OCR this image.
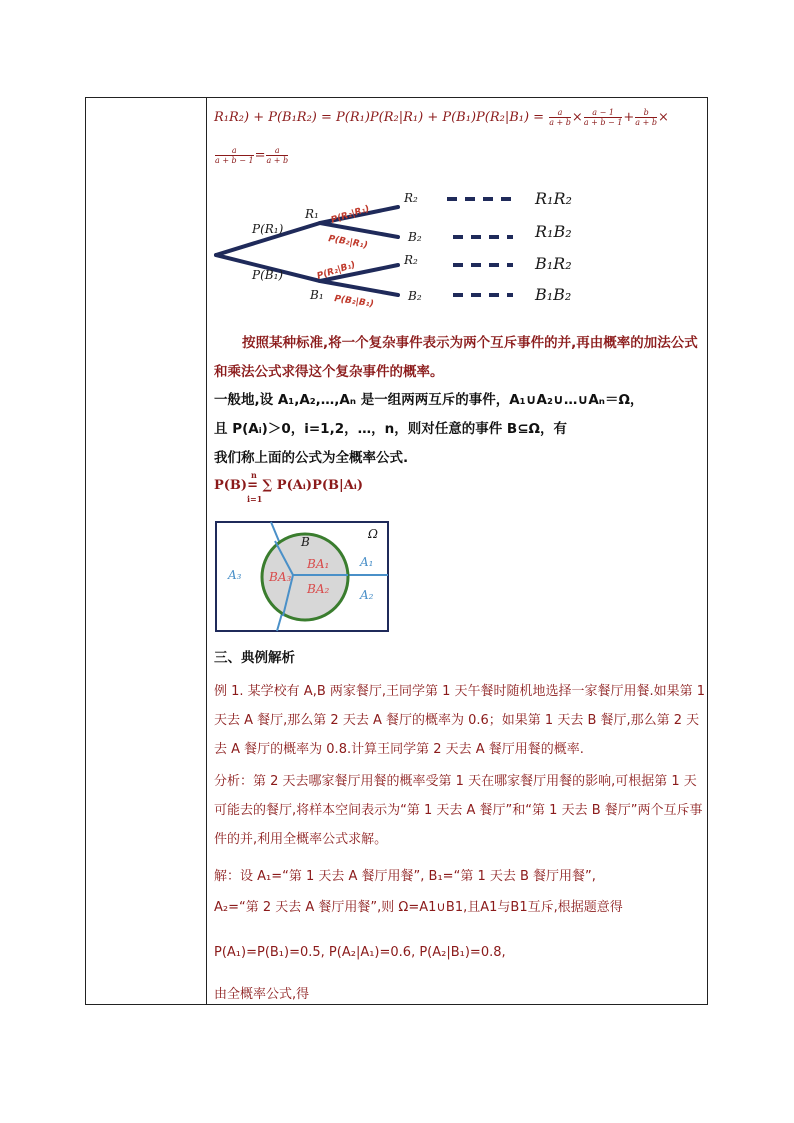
$R_1R_2) + P(B_1R_2) = P(R_1)P(R_2|R_1) + P(B_1)P(R_2|B_1) = \frac{a}{a + b} \times \frac{a - 1}{a + b - 1} + \frac{b}{a + b}$ ×
$\frac{a}{a + b - 1} = \frac{a}{a + b}$
P(R₁)
P(B₁)
R₁
B₁
R₂
B₂
R₂
B₂
P(R₂|R₁)
P(B₂|R₁)
P(R₂|B₁)
P(B₂|B₁)
R₁R₂
R₁B₂
B₁R₂
B₁B₂
按照某种标准,将一个复杂事件表示为两个互斥事件的并,再由概率的加法公式和乘法公式求得这个复杂事件的概率。
一般地,设 A₁,A₂,…,Aₙ 是一组两两互斥的事件，A₁∪A₂∪…∪Aₙ＝Ω，
且 P(Aᵢ)＞0，i=1,2，…，n，则对任意的事件 B⊆Ω，有
我们称上面的公式为全概率公式.
n
P(B)= ∑ P(Aᵢ)P(B|Aᵢ)
i=1
Ω
B
BA₁
BA₂
BA₃
A₁
A₂
A₃
三、典例解析
例 1. 某学校有 A,B 两家餐厅,王同学第 1 天午餐时随机地选择一家餐厅用餐.如果第 1 天去 A 餐厅,那么第 2 天去 A 餐厅的概率为 0.6；如果第 1 天去 B 餐厅,那么第 2 天去 A 餐厅的概率为 0.8.计算王同学第 2 天去 A 餐厅用餐的概率.
分析：第 2 天去哪家餐厅用餐的概率受第 1 天在哪家餐厅用餐的影响,可根据第 1 天可能去的餐厅,将样本空间表示为“第 1 天去 A 餐厅”和“第 1 天去 B 餐厅”两个互斥事件的并,利用全概率公式求解。
解：设 A₁=“第 1 天去 A 餐厅用餐”, B₁=“第 1 天去 B 餐厅用餐”,
A₂=“第 2 天去 A 餐厅用餐”,则 Ω=A1∪B1,且A1与B1互斥,根据题意得
P(A₁)=P(B₁)=0.5, P(A₂|A₁)=0.6, P(A₂|B₁)=0.8,
由全概率公式,得
